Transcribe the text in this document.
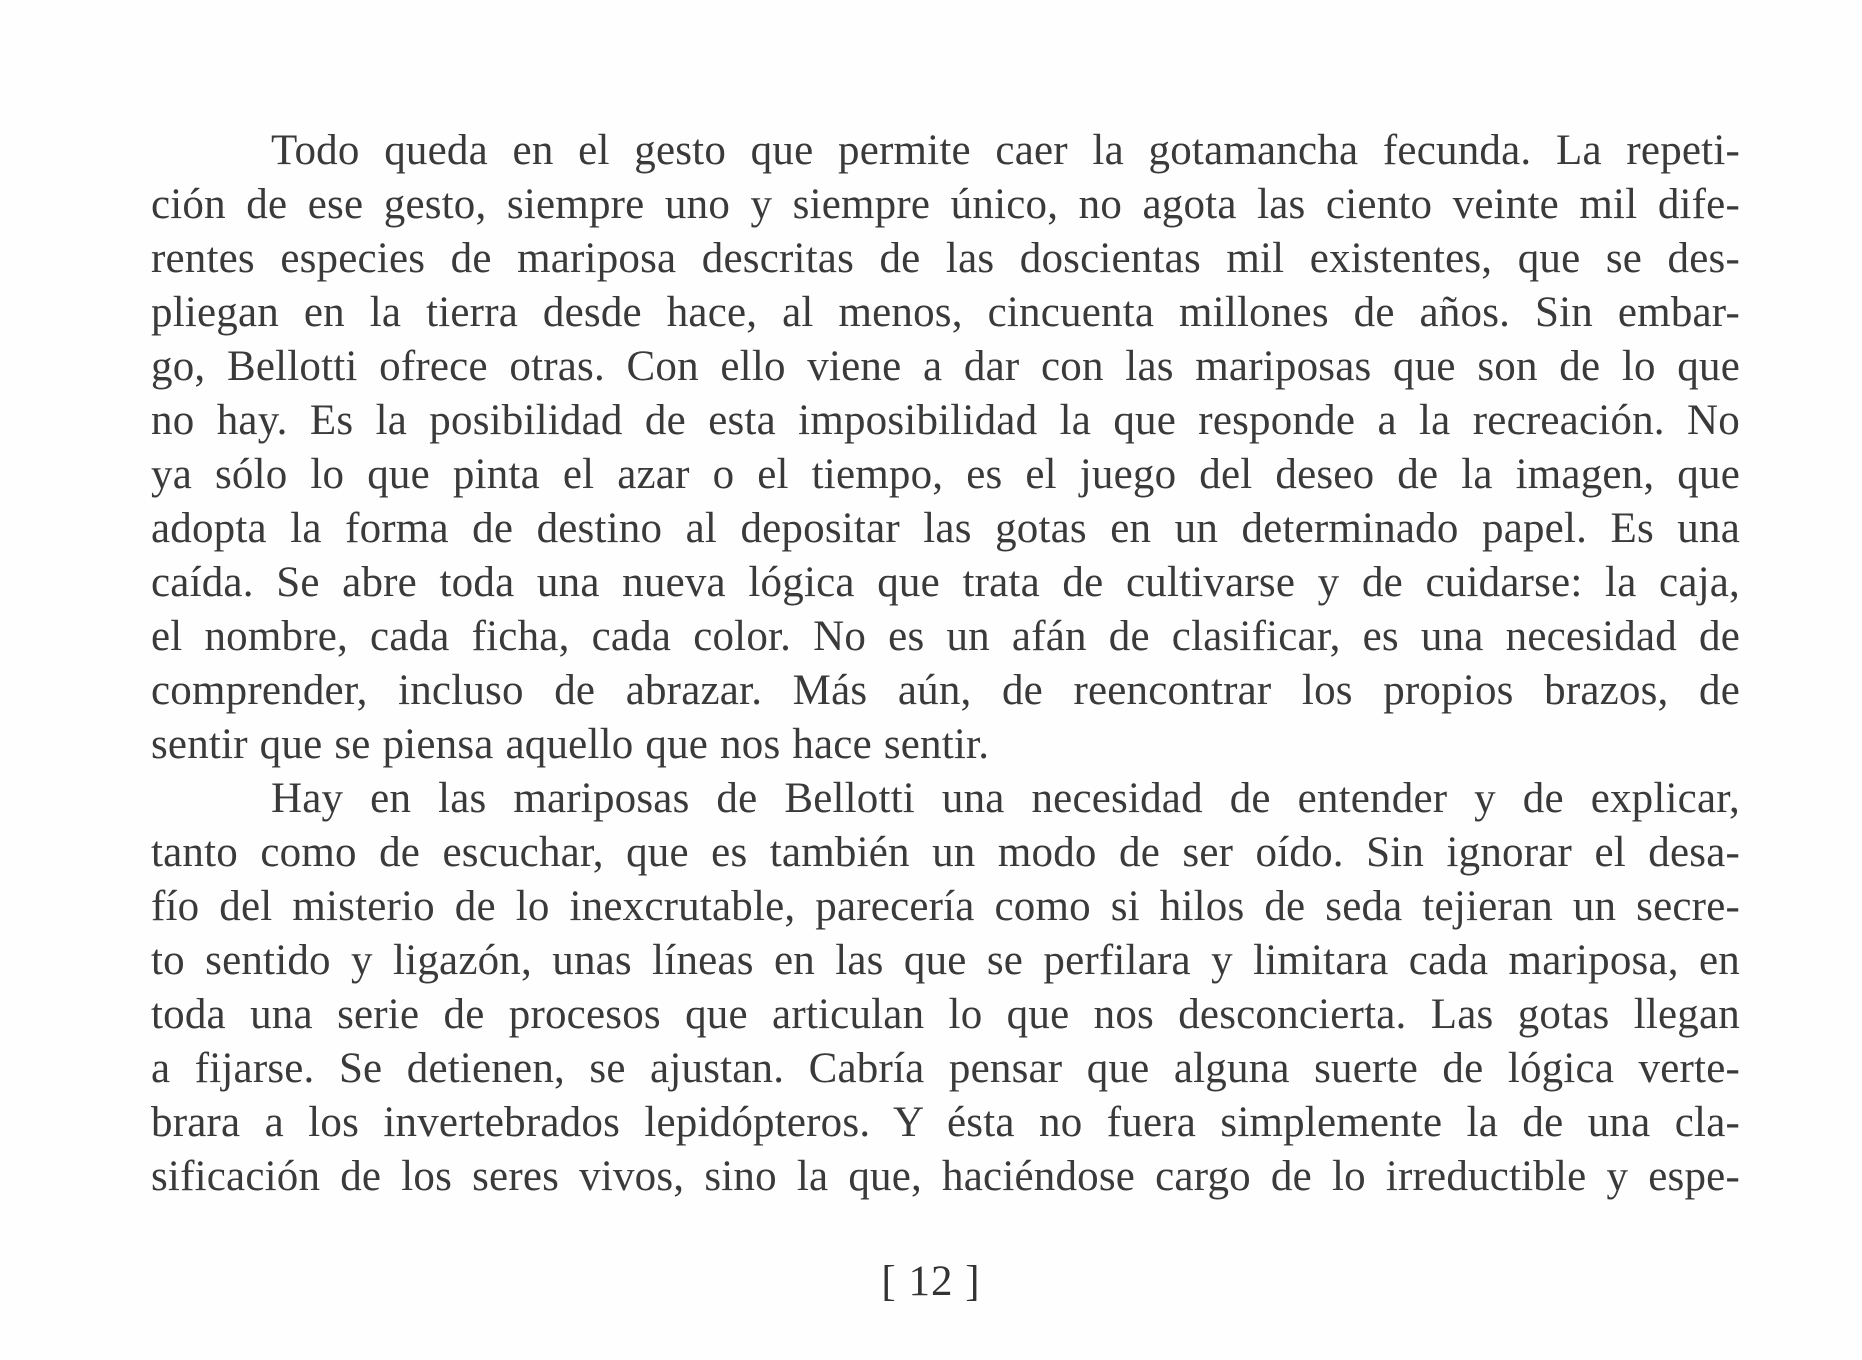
Todo queda en el gesto que permite caer la gotamancha fecunda. La repeti-
ción de ese gesto, siempre uno y siempre único, no agota las ciento veinte mil dife-
rentes especies de mariposa descritas de las doscientas mil existentes, que se des-
pliegan en la tierra desde hace, al menos, cincuenta millones de años. Sin embar-
go, Bellotti ofrece otras. Con ello viene a dar con las mariposas que son de lo que
no hay. Es la posibilidad de esta imposibilidad la que responde a la recreación. No
ya sólo lo que pinta el azar o el tiempo, es el juego del deseo de la imagen, que
adopta la forma de destino al depositar las gotas en un determinado papel. Es una
caída. Se abre toda una nueva lógica que trata de cultivarse y de cuidarse: la caja,
el nombre, cada ficha, cada color. No es un afán de clasificar, es una necesidad de
comprender, incluso de abrazar. Más aún, de reencontrar los propios brazos, de
sentir que se piensa aquello que nos hace sentir.
Hay en las mariposas de Bellotti una necesidad de entender y de explicar,
tanto como de escuchar, que es también un modo de ser oído. Sin ignorar el desa-
fío del misterio de lo inexcrutable, parecería como si hilos de seda tejieran un secre-
to sentido y ligazón, unas líneas en las que se perfilara y limitara cada mariposa, en
toda una serie de procesos que articulan lo que nos desconcierta. Las gotas llegan
a fijarse. Se detienen, se ajustan. Cabría pensar que alguna suerte de lógica verte-
brara a los invertebrados lepidópteros. Y ésta no fuera simplemente la de una cla-
sificación de los seres vivos, sino la que, haciéndose cargo de lo irreductible y espe-
[ 12 ]
